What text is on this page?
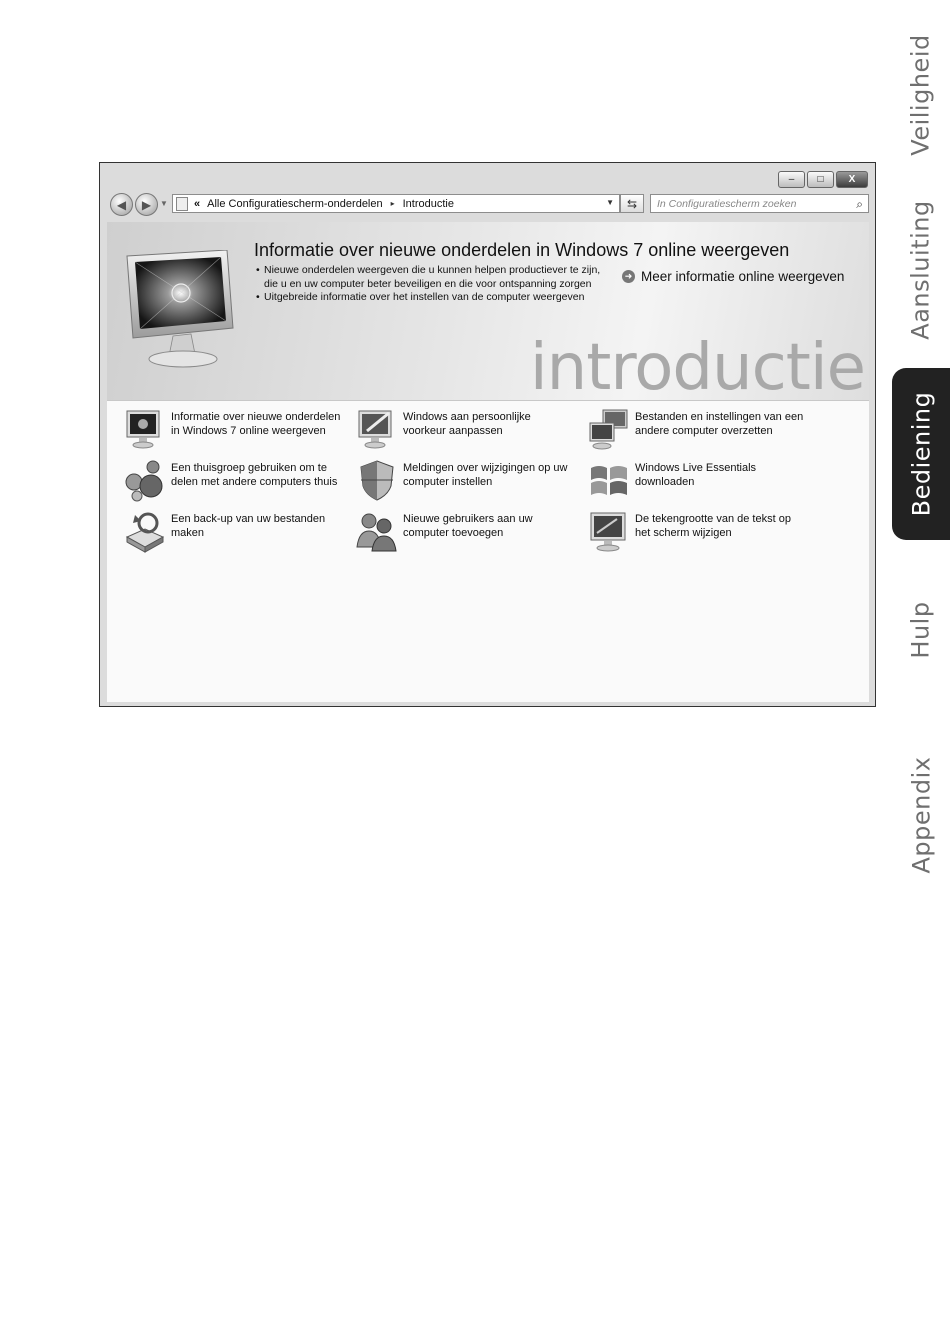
Veiligheid
Aansluiting
Bediening
Hulp
Appendix
– □	X
◀ ▶ ▼ « Alle Configuratiescherm-onderdelen ▸ Introductie	▼ ⇆ In Configuratiescherm zoeken	⌕
Informatie over nieuwe onderdelen in Windows 7 online weergeven
• Nieuwe onderdelen weergeven die u kunnen helpen productiever te zijn,
die u en uw computer beter beveiligen en die voor ontspanning zorgen
• Uitgebreide informatie over het instellen van de computer weergeven
➜ Meer informatie online weergeven
introductie
Informatie over nieuwe onderdelen
in Windows 7 online weergeven
Windows aan persoonlijke
voorkeur aanpassen
Bestanden en instellingen van een
andere computer overzetten
Een thuisgroep gebruiken om te
delen met andere computers thuis
Meldingen over wijzigingen op uw
computer instellen
Windows Live Essentials
downloaden
Een back-up van uw bestanden
maken
Nieuwe gebruikers aan uw
computer toevoegen
De tekengrootte van de tekst op
het scherm wijzigen
